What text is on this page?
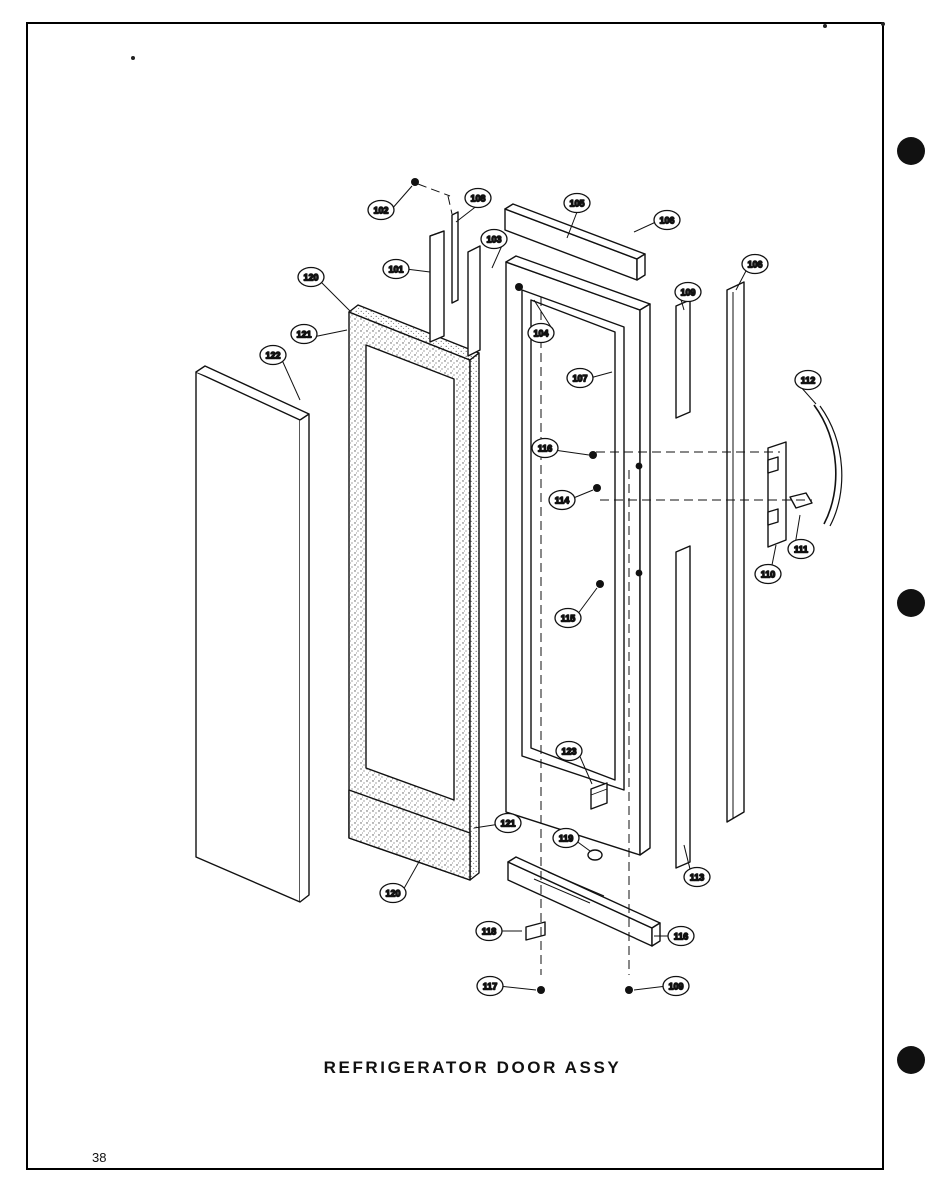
101
102
103
104
105
106
107
108
109
110
111
112
113
114
115
116
117
118
119
120
121
122
123
120
121
106
109
116
REFRIGERATOR DOOR ASSY
38
